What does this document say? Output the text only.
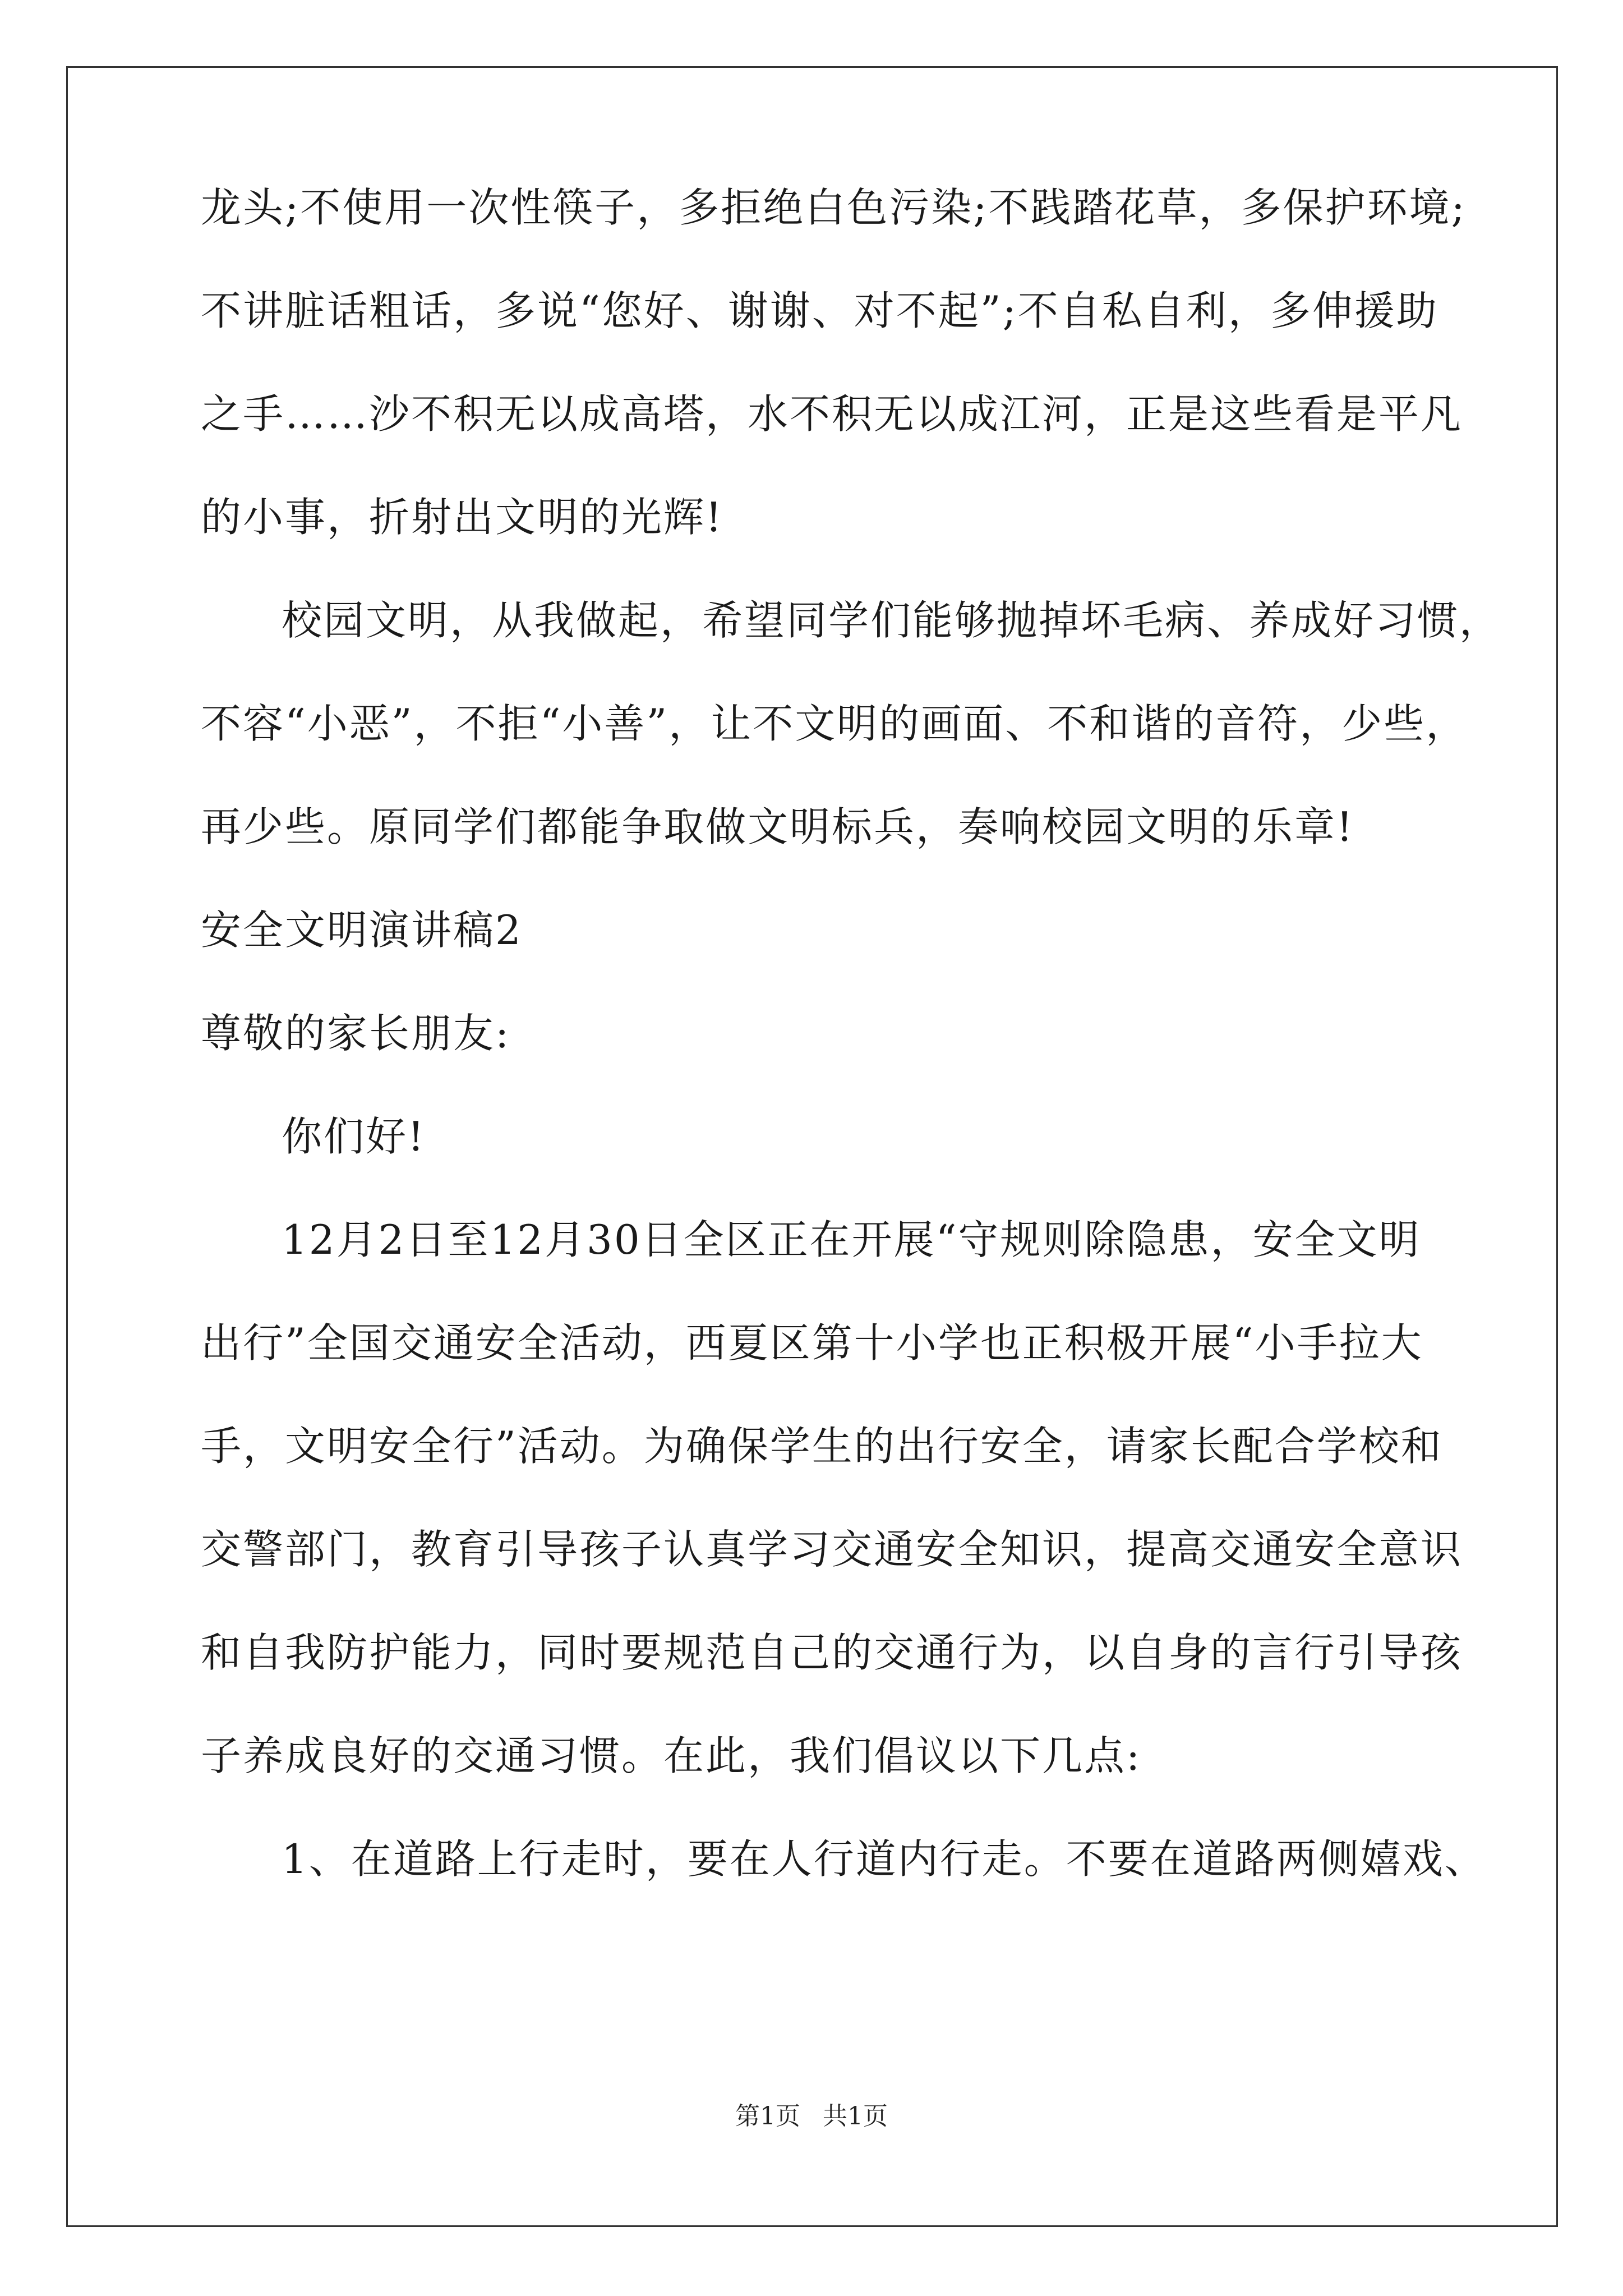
龙头;不使用一次性筷子，多拒绝白色污染;不践踏花草，多保护环境;
不讲脏话粗话，多说“您好、谢谢、对不起”;不自私自利，多伸援助
之手……沙不积无以成高塔，水不积无以成江河，正是这些看是平凡
的小事，折射出文明的光辉!
校园文明，从我做起，希望同学们能够抛掉坏毛病、养成好习惯，
不容“小恶”，不拒“小善”，让不文明的画面、不和谐的音符，少些，
再少些。原同学们都能争取做文明标兵，奏响校园文明的乐章!
安全文明演讲稿2
尊敬的家长朋友:
你们好!
12月2日至12月30日全区正在开展“守规则除隐患，安全文明
出行”全国交通安全活动，西夏区第十小学也正积极开展“小手拉大
手，文明安全行”活动。为确保学生的出行安全，请家长配合学校和
交警部门，教育引导孩子认真学习交通安全知识，提高交通安全意识
和自我防护能力，同时要规范自己的交通行为，以自身的言行引导孩
子养成良好的交通习惯。在此，我们倡议以下几点:
1、在道路上行走时，要在人行道内行走。不要在道路两侧嬉戏、
第1页 共1页
